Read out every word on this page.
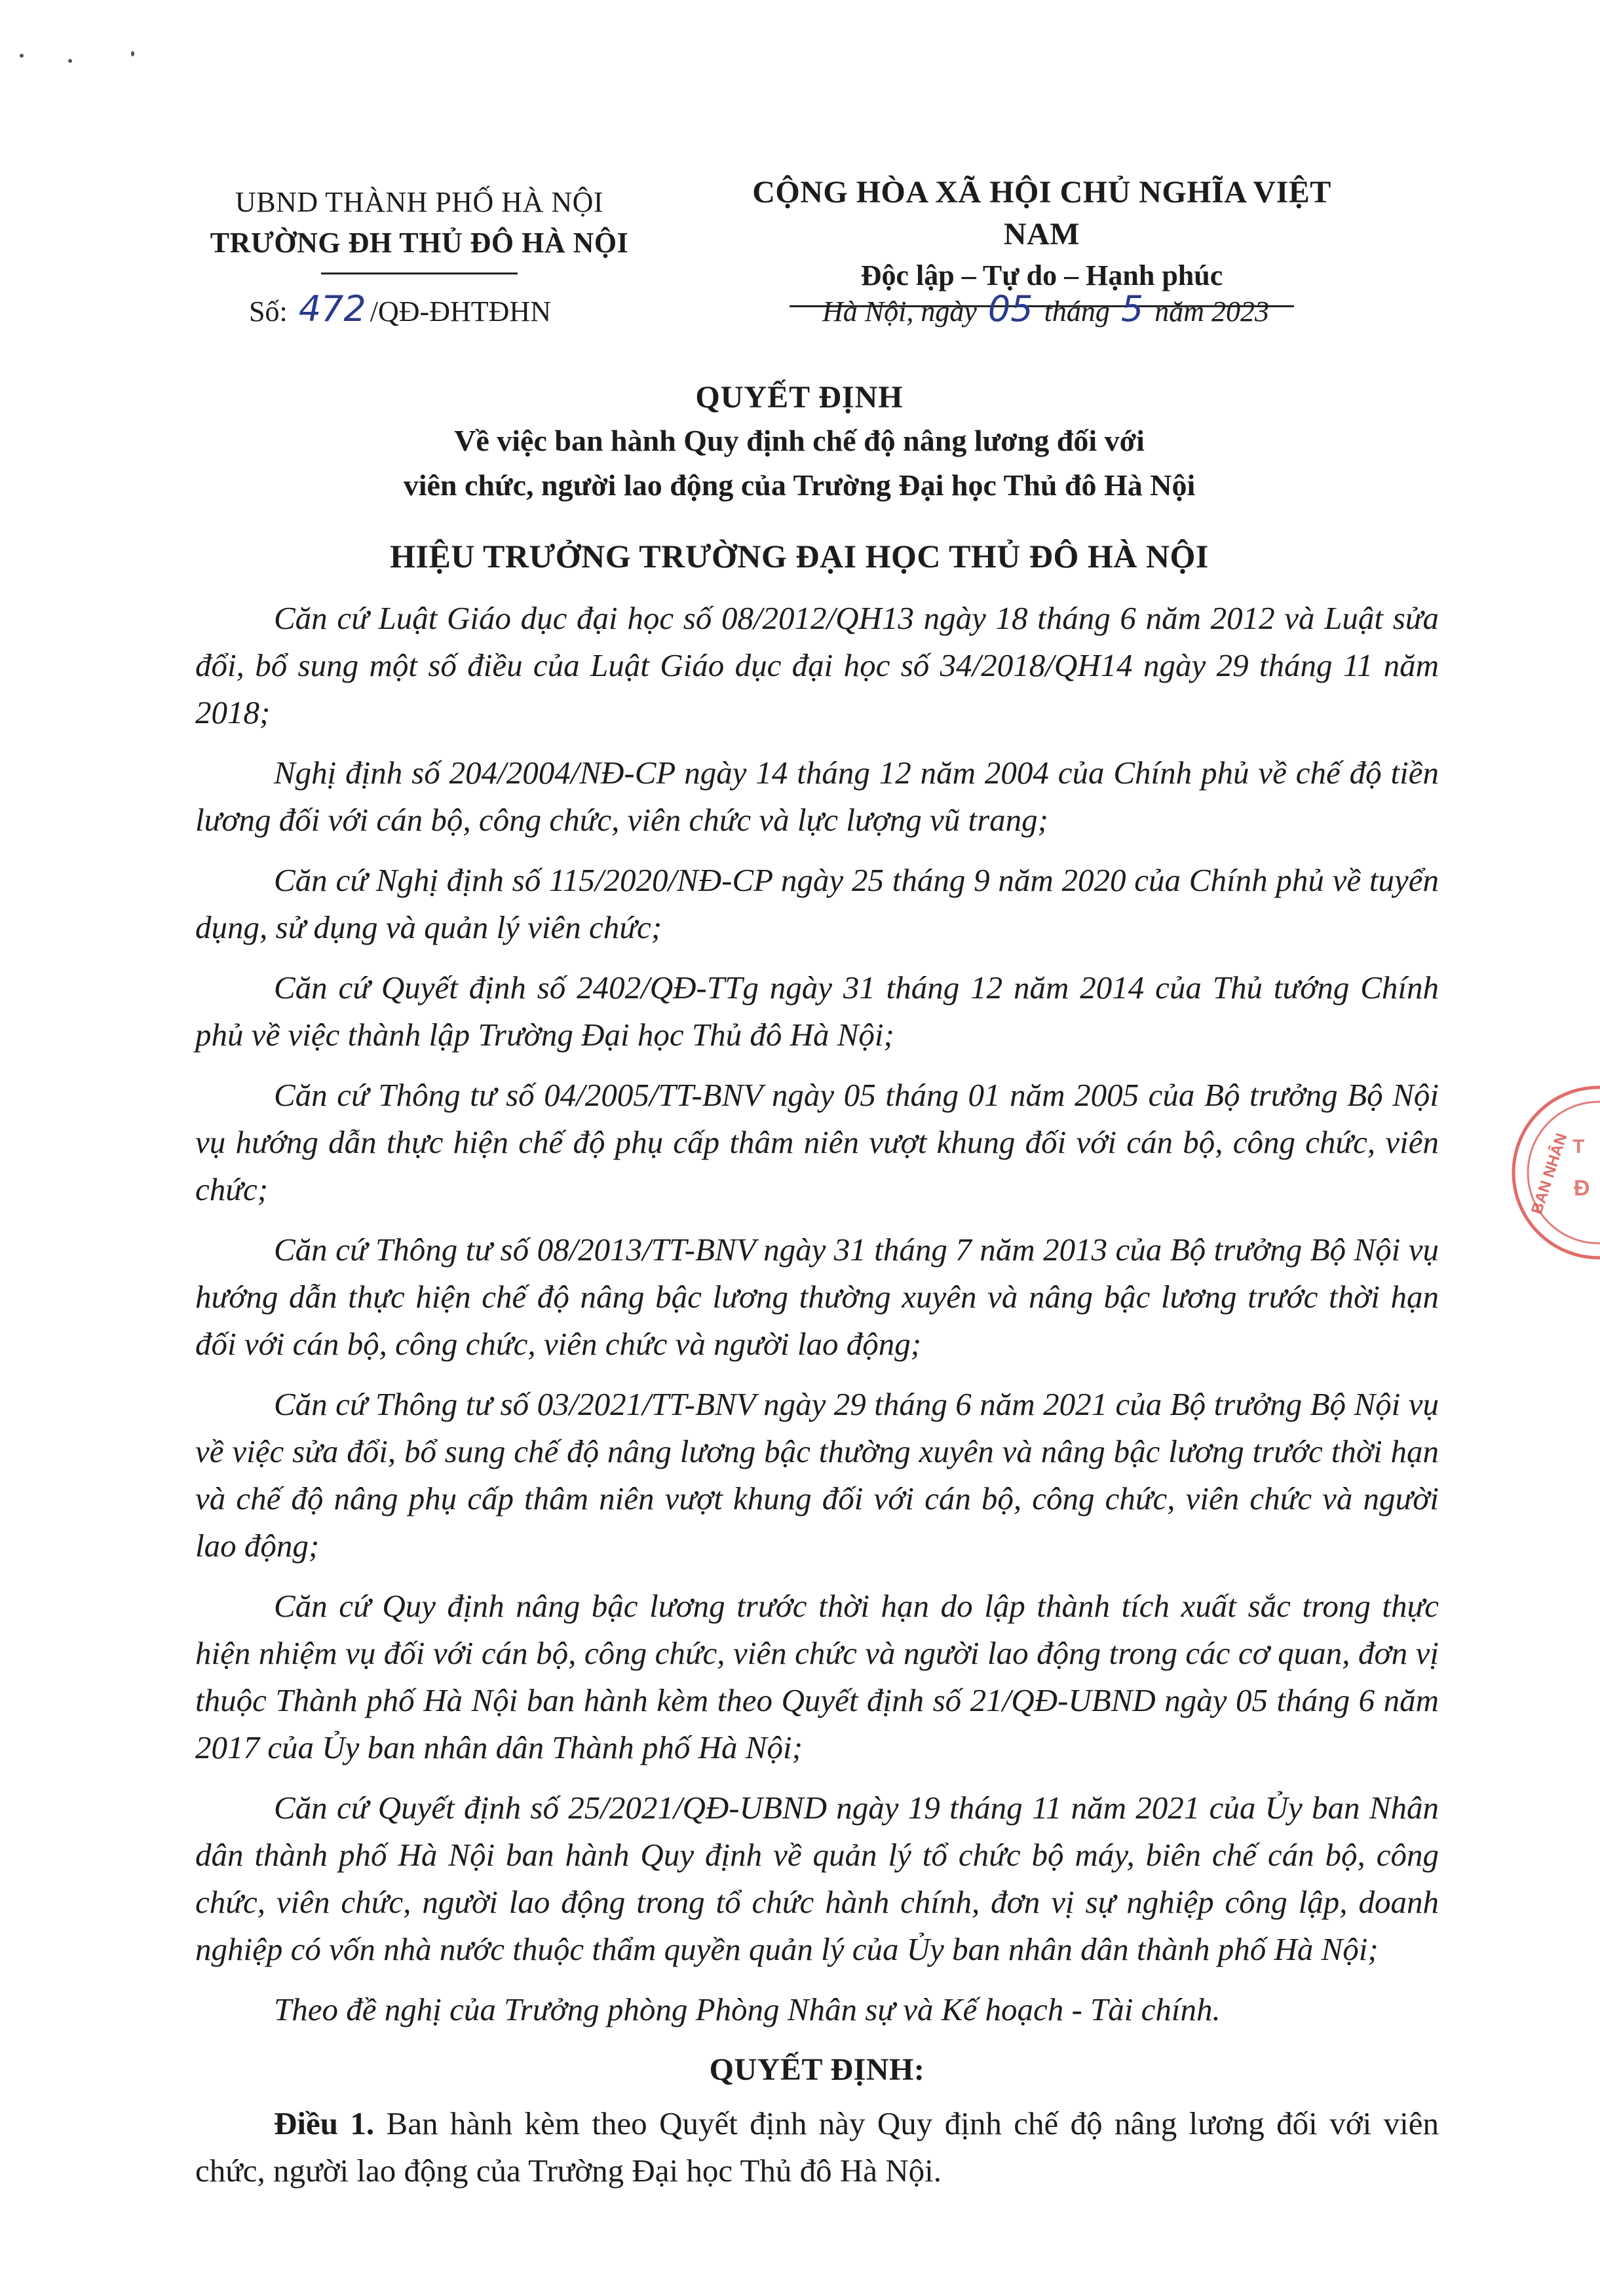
UBND THÀNH PHỐ HÀ NỘI
TRƯỜNG ĐH THỦ ĐÔ HÀ NỘI
Số: 472 /QĐ-ĐHTĐHN
CỘNG HÒA XÃ HỘI CHỦ NGHĨA VIỆT NAM
Độc lập – Tự do – Hạnh phúc
Hà Nội, ngày 05 tháng 5 năm 2023
QUYẾT ĐỊNH
Về việc ban hành Quy định chế độ nâng lương đối với
viên chức, người lao động của Trường Đại học Thủ đô Hà Nội
HIỆU TRƯỞNG TRƯỜNG ĐẠI HỌC THỦ ĐÔ HÀ NỘI

Căn cứ Luật Giáo dục đại học số 08/2012/QH13 ngày 18 tháng 6 năm 2012 và Luật sửa đổi, bổ sung một số điều của Luật Giáo dục đại học số 34/2018/QH14 ngày 29 tháng 11 năm 2018;

Nghị định số 204/2004/NĐ-CP ngày 14 tháng 12 năm 2004 của Chính phủ về chế độ tiền lương đối với cán bộ, công chức, viên chức và lực lượng vũ trang;

Căn cứ Nghị định số 115/2020/NĐ-CP ngày 25 tháng 9 năm 2020 của Chính phủ về tuyển dụng, sử dụng và quản lý viên chức;

Căn cứ Quyết định số 2402/QĐ-TTg ngày 31 tháng 12 năm 2014 của Thủ tướng Chính phủ về việc thành lập Trường Đại học Thủ đô Hà Nội;

Căn cứ Thông tư số 04/2005/TT-BNV ngày 05 tháng 01 năm 2005 của Bộ trưởng Bộ Nội vụ hướng dẫn thực hiện chế độ phụ cấp thâm niên vượt khung đối với cán bộ, công chức, viên chức;

Căn cứ Thông tư số 08/2013/TT-BNV ngày 31 tháng 7 năm 2013 của Bộ trưởng Bộ Nội vụ hướng dẫn thực hiện chế độ nâng bậc lương thường xuyên và nâng bậc lương trước thời hạn đối với cán bộ, công chức, viên chức và người lao động;

Căn cứ Thông tư số 03/2021/TT-BNV ngày 29 tháng 6 năm 2021 của Bộ trưởng Bộ Nội vụ về việc sửa đổi, bổ sung chế độ nâng lương bậc thường xuyên và nâng bậc lương trước thời hạn và chế độ nâng phụ cấp thâm niên vượt khung đối với cán bộ, công chức, viên chức và người lao động;

Căn cứ Quy định nâng bậc lương trước thời hạn do lập thành tích xuất sắc trong thực hiện nhiệm vụ đối với cán bộ, công chức, viên chức và người lao động trong các cơ quan, đơn vị thuộc Thành phố Hà Nội ban hành kèm theo Quyết định số 21/QĐ-UBND ngày 05 tháng 6 năm 2017 của Ủy ban nhân dân Thành phố Hà Nội;

Căn cứ Quyết định số 25/2021/QĐ-UBND ngày 19 tháng 11 năm 2021 của Ủy ban Nhân dân thành phố Hà Nội ban hành Quy định về quản lý tổ chức bộ máy, biên chế cán bộ, công chức, viên chức, người lao động trong tổ chức hành chính, đơn vị sự nghiệp công lập, doanh nghiệp có vốn nhà nước thuộc thẩm quyền quản lý của Ủy ban nhân dân thành phố Hà Nội;

Theo đề nghị của Trưởng phòng Phòng Nhân sự và Kế hoạch - Tài chính.

QUYẾT ĐỊNH:

Điều 1. Ban hành kèm theo Quyết định này Quy định chế độ nâng lương đối với viên chức, người lao động của Trường Đại học Thủ đô Hà Nội.

BAN NHÂN T
Đ
